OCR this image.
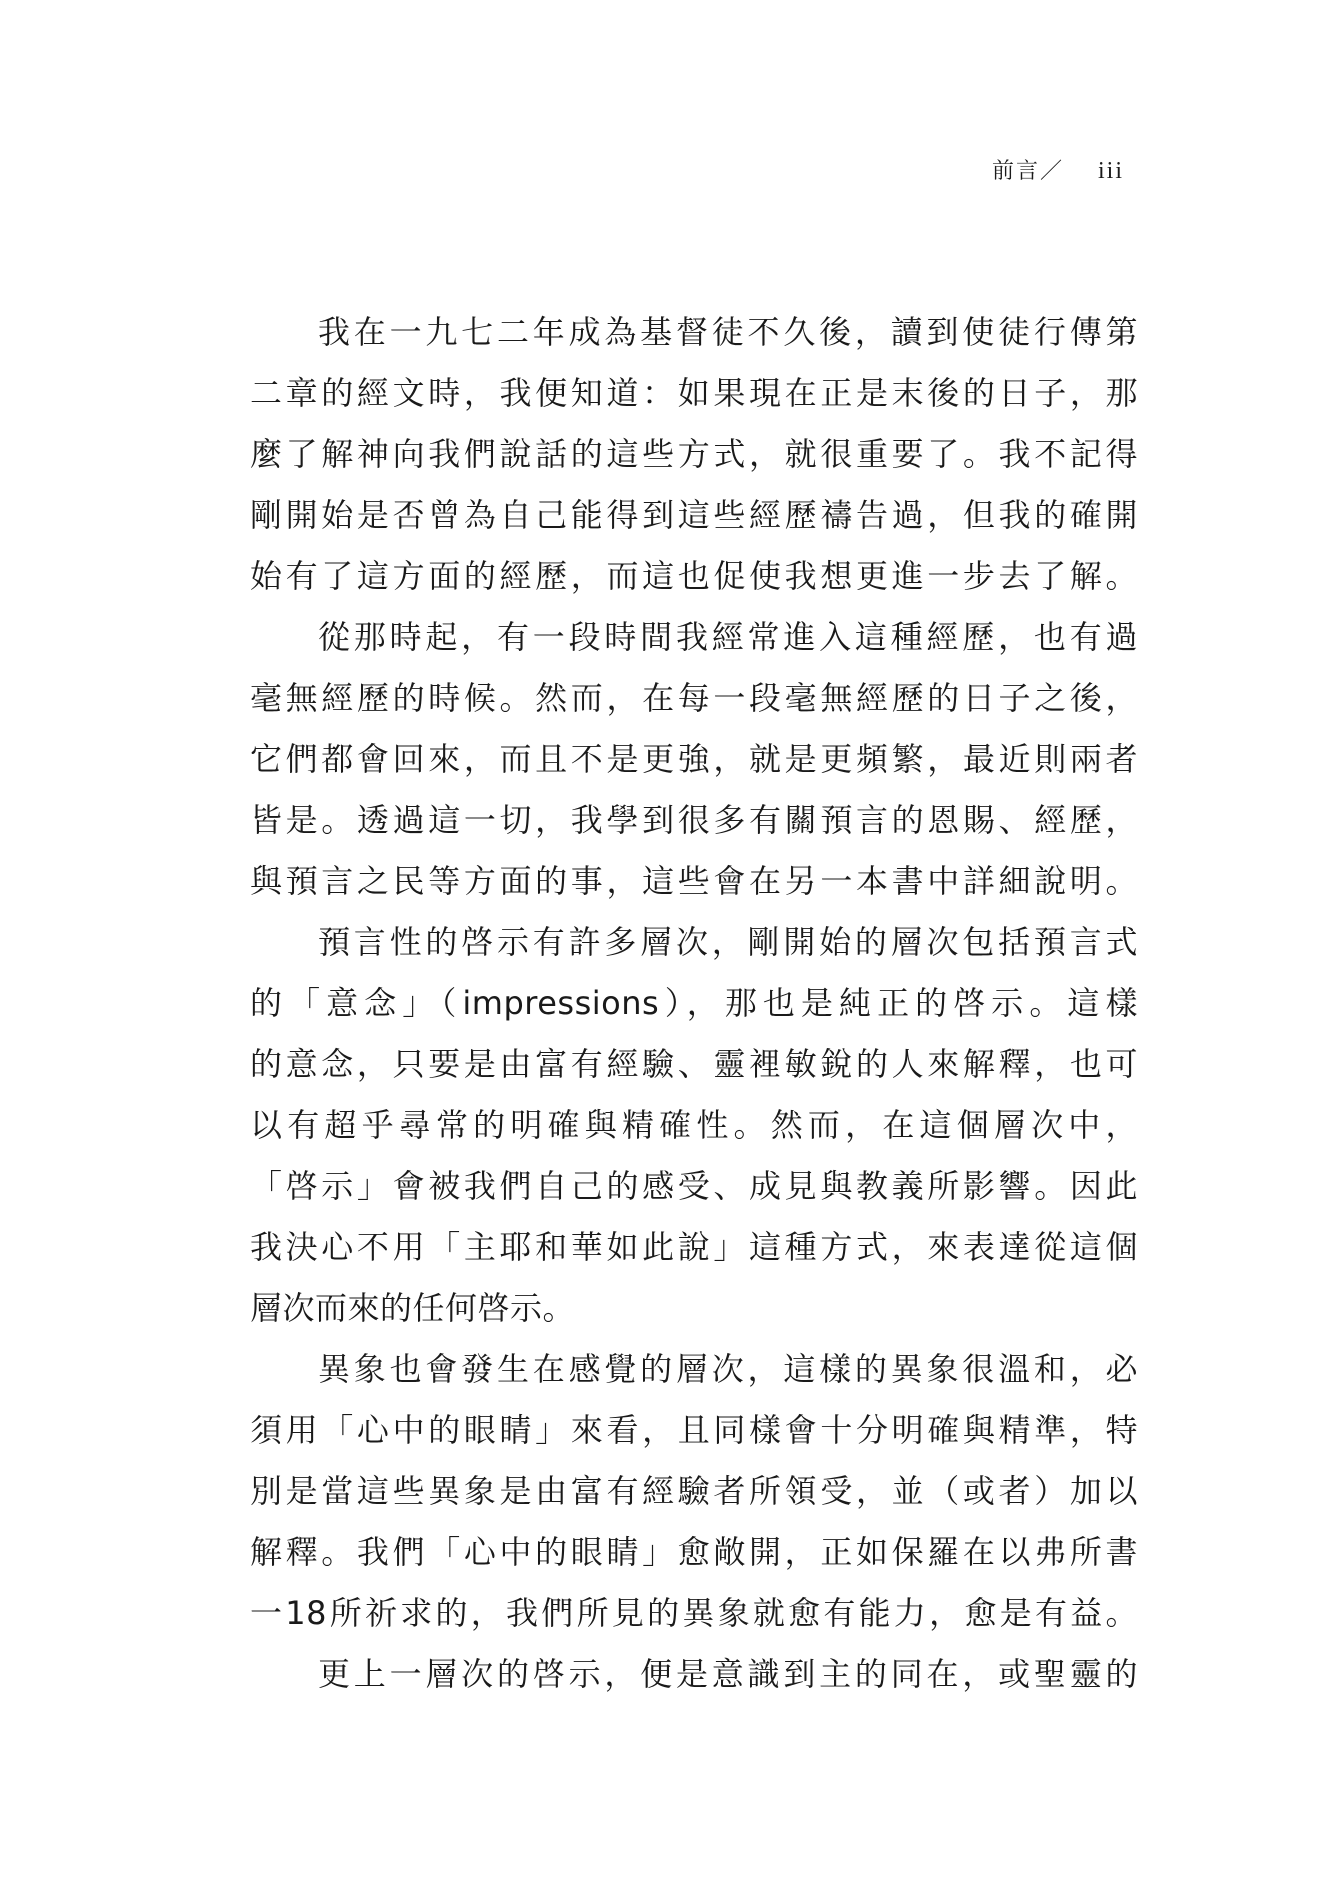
前言／ iii
我在一九七二年成為基督徒不久後，讀到使徒行傳第
二章的經文時，我便知道：如果現在正是末後的日子，那
麼了解神向我們說話的這些方式，就很重要了。我不記得
剛開始是否曾為自己能得到這些經歷禱告過，但我的確開
始有了這方面的經歷，而這也促使我想更進一步去了解。
從那時起，有一段時間我經常進入這種經歷，也有過
毫無經歷的時候。然而，在每一段毫無經歷的日子之後，
它們都會回來，而且不是更強，就是更頻繁，最近則兩者
皆是。透過這一切，我學到很多有關預言的恩賜、經歷，
與預言之民等方面的事，這些會在另一本書中詳細說明。
預言性的啓示有許多層次，剛開始的層次包括預言式
的「意念」（impressions），那也是純正的啓示。這樣
的意念，只要是由富有經驗、靈裡敏銳的人來解釋，也可
以有超乎尋常的明確與精確性。然而，在這個層次中，
「啓示」會被我們自己的感受、成見與教義所影響。因此
我決心不用「主耶和華如此說」這種方式，來表達從這個
層次而來的任何啓示。
異象也會發生在感覺的層次，這樣的異象很溫和，必
須用「心中的眼睛」來看，且同樣會十分明確與精準，特
別是當這些異象是由富有經驗者所領受，並（或者）加以
解釋。我們「心中的眼睛」愈敞開，正如保羅在以弗所書
一18所祈求的，我們所見的異象就愈有能力，愈是有益。
更上一層次的啓示，便是意識到主的同在，或聖靈的
